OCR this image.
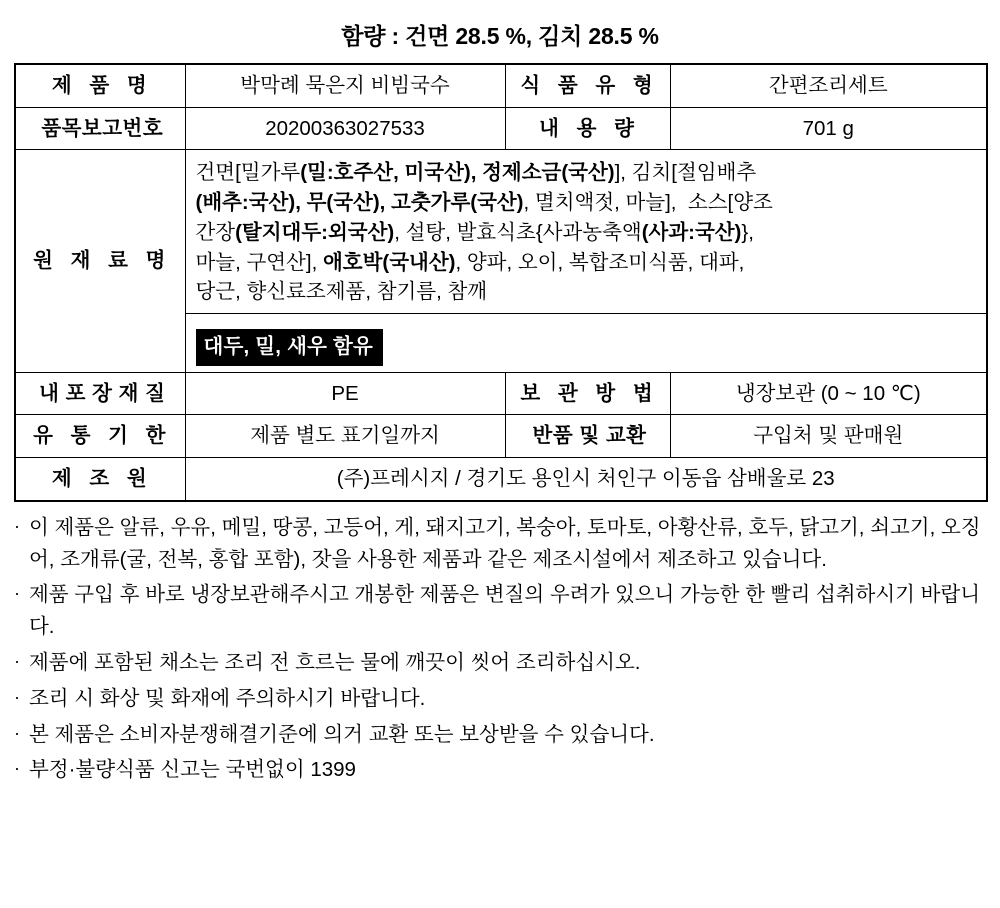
함량 : 건면 28.5 %, 김치 28.5 %
제 품 명	박막례 묵은지 비빔국수	식 품 유 형	간편조리세트
품목보고번호	20200363027533	내 용 량	701 g
원 재 료 명	
건면[밀가루(밀:호주산, 미국산), 정제소금(국산)], 김치[절임배추
(배추:국산), 무(국산), 고춧가루(국산), 멸치액젓, 마늘],  소스[양조
간장(탈지대두:외국산), 설탕, 발효식초{사과농축액(사과:국산)},
마늘, 구연산], 애호박(국내산), 양파, 오이, 복합조미식품, 대파,
당근, 향신료조제품, 참기름, 참깨
대두, 밀, 새우 함유

내 포 장 재 질	PE	보 관 방 법	냉장보관 (0 ~ 10 ℃)
유 통 기 한	제품 별도 표기일까지	반품 및 교환	구입처 및 판매원
제 조 원	(주)프레시지 / 경기도 용인시 처인구 이동읍 삼배울로 23		
· 이 제품은 알류, 우유, 메밀, 땅콩, 고등어, 게, 돼지고기, 복숭아, 토마토, 아황산류, 호두, 닭고기, 쇠고기, 오징어, 조개류(굴, 전복, 홍합 포함), 잣을 사용한 제품과 같은 제조시설에서 제조하고 있습니다.
· 제품 구입 후 바로 냉장보관해주시고 개봉한 제품은 변질의 우려가 있으니 가능한 한 빨리 섭취하시기 바랍니다.
· 제품에 포함된 채소는 조리 전 흐르는 물에 깨끗이 씻어 조리하십시오.
· 조리 시 화상 및 화재에 주의하시기 바랍니다.
· 본 제품은 소비자분쟁해결기준에 의거 교환 또는 보상받을 수 있습니다.
· 부정·불량식품 신고는 국번없이 1399
